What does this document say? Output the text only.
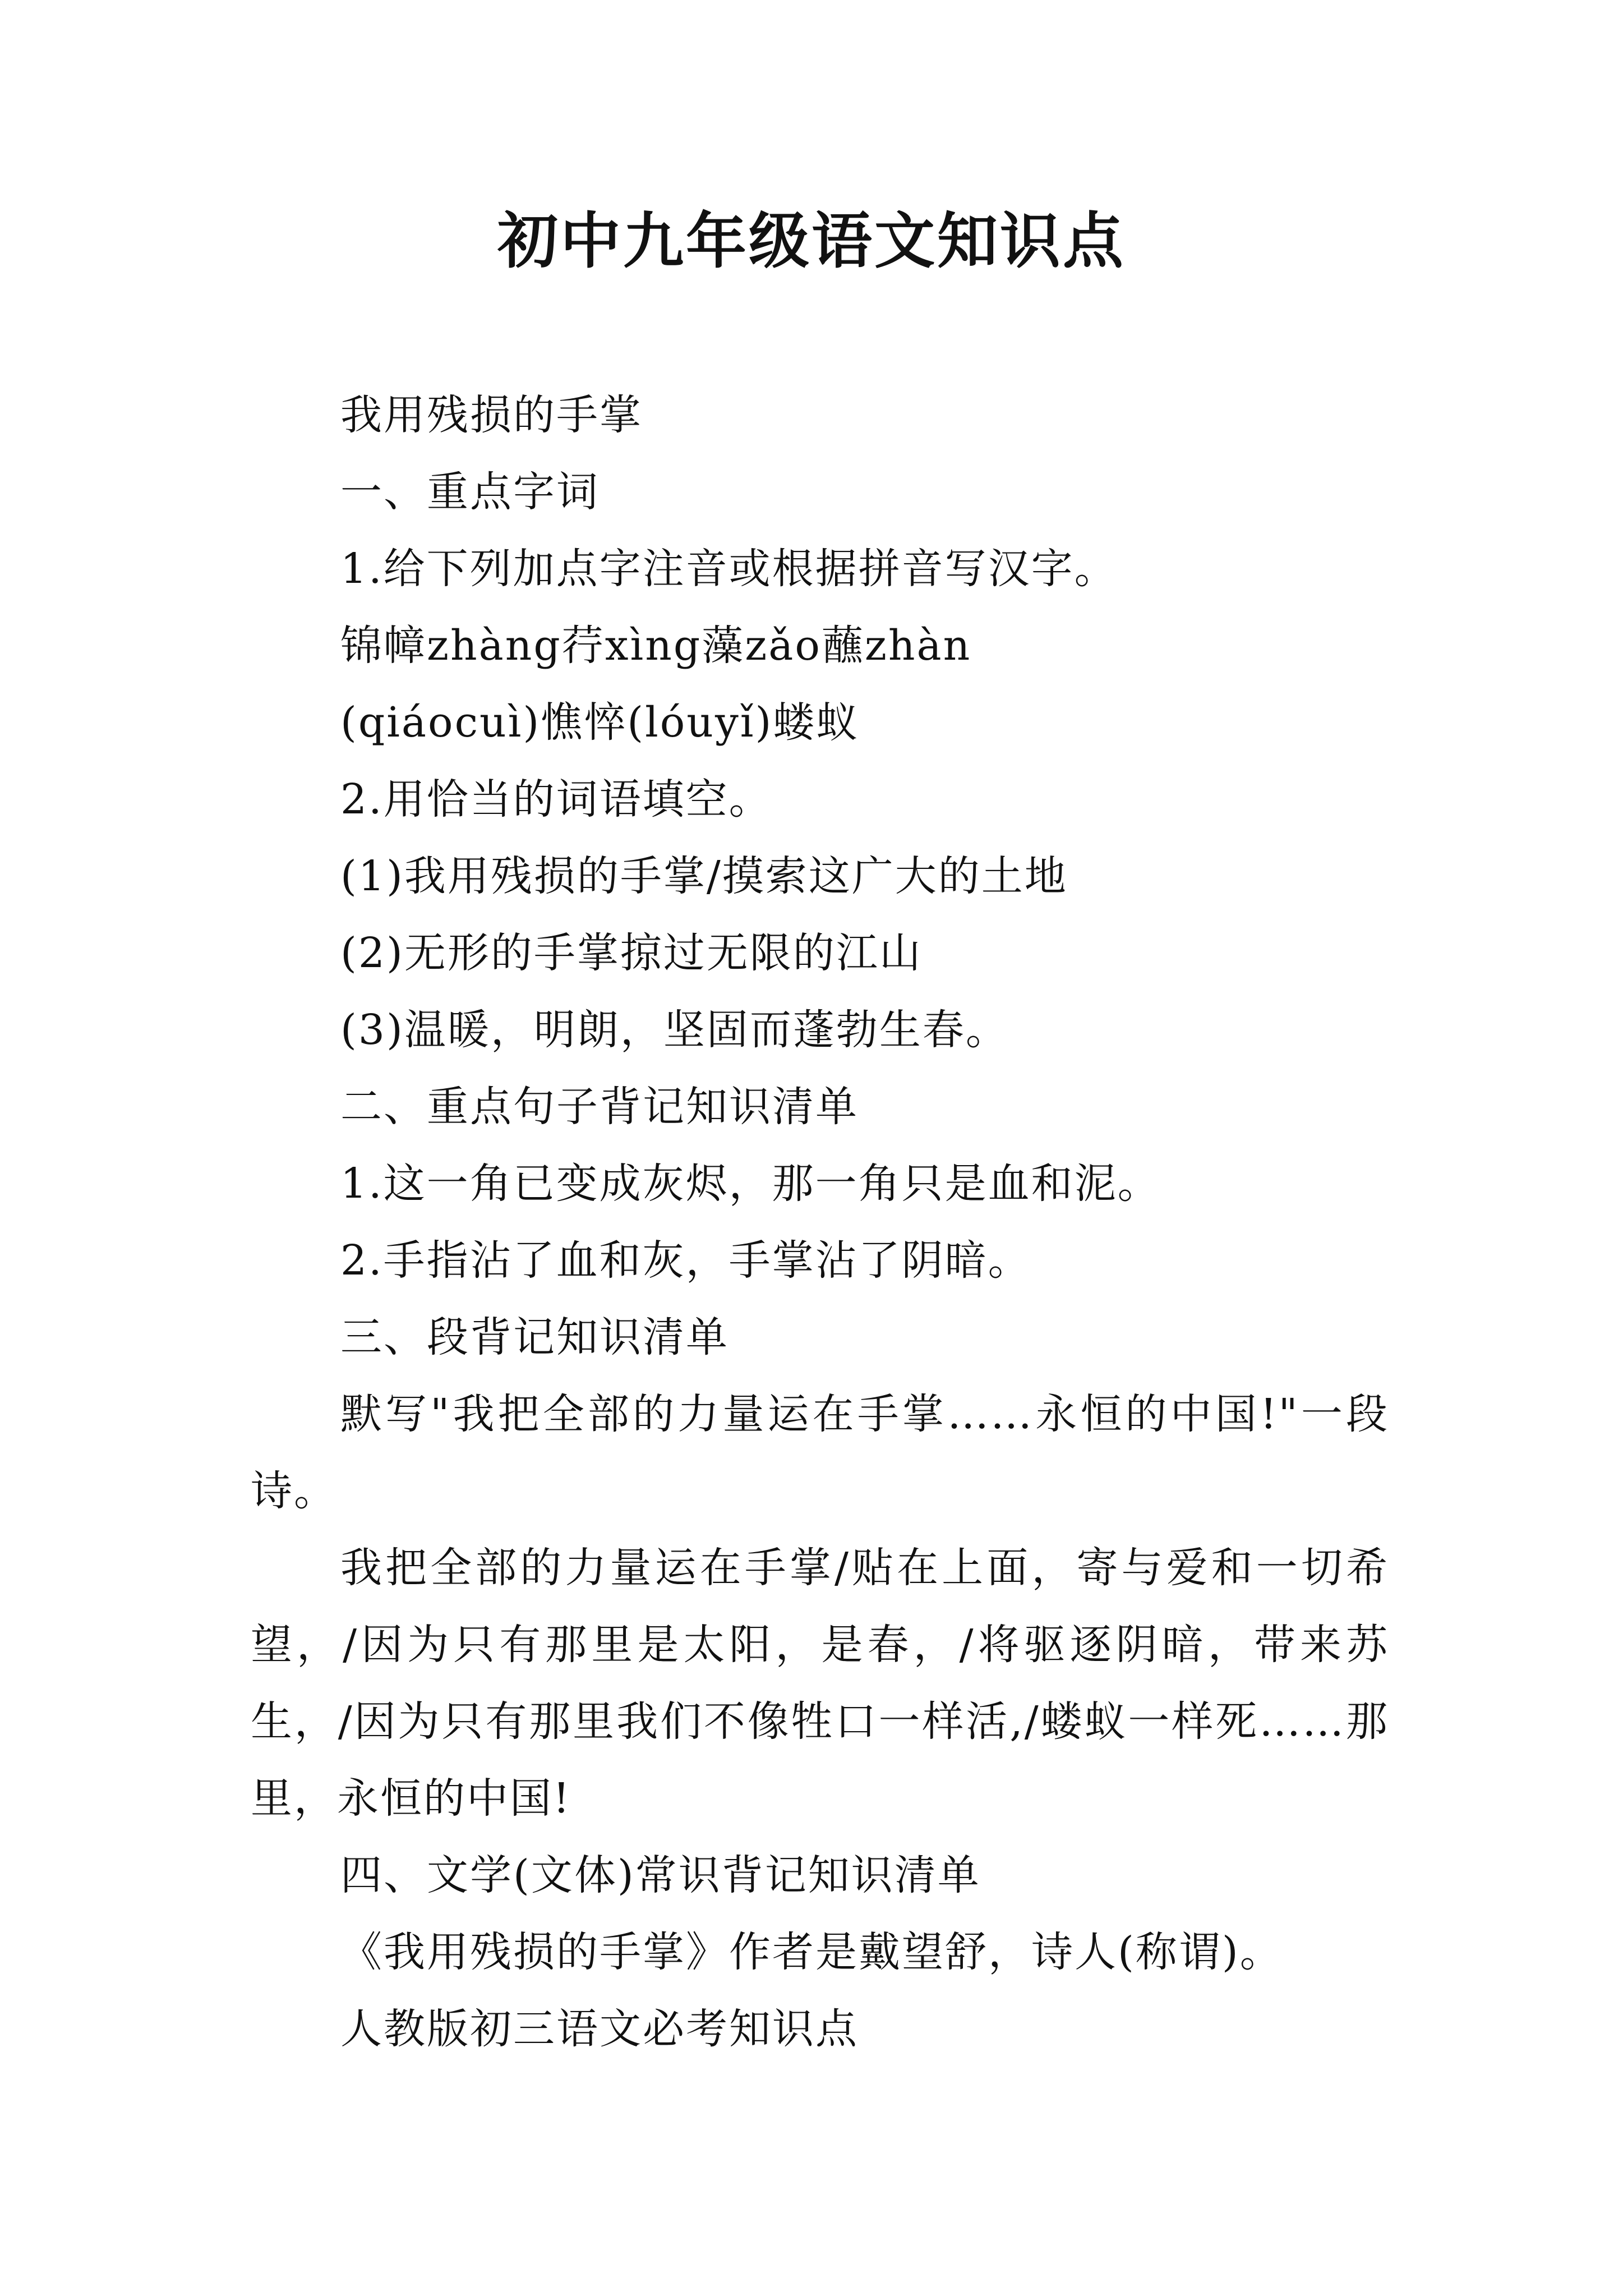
初中九年级语文知识点

我用残损的手掌

一、重点字词

1.给下列加点字注音或根据拼音写汉字。

锦幛zhàng荇xìng藻zǎo蘸zhàn

(qiáocuì)憔悴(lóuyǐ)蝼蚁

2.用恰当的词语填空。

(1)我用残损的手掌/摸索这广大的土地

(2)无形的手掌掠过无限的江山

(3)温暖，明朗，坚固而蓬勃生春。

二、重点句子背记知识清单

1.这一角已变成灰烬，那一角只是血和泥。

2.手指沾了血和灰，手掌沾了阴暗。

三、段背记知识清单

默写"我把全部的力量运在手掌……永恒的中国!"一段诗。

我把全部的力量运在手掌/贴在上面，寄与爱和一切希望，/因为只有那里是太阳，是春，/将驱逐阴暗，带来苏生，/因为只有那里我们不像牲口一样活,/蝼蚁一样死……那里，永恒的中国!

四、文学(文体)常识背记知识清单

《我用残损的手掌》作者是戴望舒，诗人(称谓)。

人教版初三语文必考知识点
